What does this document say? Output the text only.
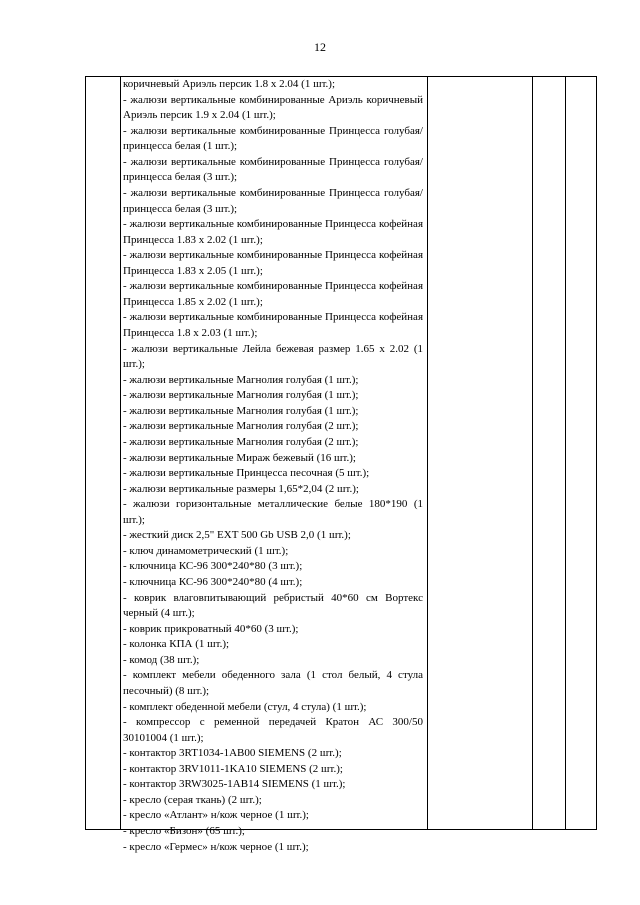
12
коричневый Ариэль персик 1.8 х 2.04 (1 шт.);
- жалюзи вертикальные комбинированные Ариэль коричневый Ариэль персик 1.9 х 2.04 (1 шт.);
- жалюзи вертикальные комбинированные Принцесса голубая/принцесса белая (1 шт.);
- жалюзи вертикальные комбинированные Принцесса голубая/принцесса белая (3 шт.);
- жалюзи вертикальные комбинированные Принцесса голубая/принцесса белая (3 шт.);
- жалюзи вертикальные комбинированные Принцесса кофейная Принцесса 1.83 х 2.02 (1 шт.);
- жалюзи вертикальные комбинированные Принцесса кофейная Принцесса 1.83 х 2.05 (1 шт.);
- жалюзи вертикальные комбинированные Принцесса кофейная Принцесса 1.85 х 2.02 (1 шт.);
- жалюзи вертикальные комбинированные Принцесса кофейная Принцесса 1.8 х 2.03 (1 шт.);
- жалюзи вертикальные Лейла бежевая размер 1.65 х 2.02 (1 шт.);
- жалюзи вертикальные Магнолия голубая (1 шт.);
- жалюзи вертикальные Магнолия голубая (1 шт.);
- жалюзи вертикальные Магнолия голубая (1 шт.);
- жалюзи вертикальные Магнолия голубая (2 шт.);
- жалюзи вертикальные Магнолия голубая (2 шт.);
- жалюзи вертикальные Мираж бежевый (16 шт.);
- жалюзи вертикальные Принцесса песочная (5 шт.);
- жалюзи вертикальные размеры 1,65*2,04 (2 шт.);
- жалюзи горизонтальные металлические белые 180*190 (1 шт.);
- жесткий диск 2,5" EXT 500 Gb USB 2,0 (1 шт.);
- ключ динамометрический (1 шт.);
- ключница КС-96 300*240*80 (3 шт.);
- ключница КС-96 300*240*80 (4 шт.);
- коврик влаговпитывающий ребристый 40*60 см Вортекс черный (4 шт.);
- коврик прикроватный 40*60 (3 шт.);
- колонка КПА (1 шт.);
- комод (38 шт.);
- комплект мебели обеденного зала (1 стол белый, 4 стула песочный) (8 шт.);
- комплект обеденной мебели (стул, 4 стула) (1 шт.);
- компрессор с ременной передачей Кратон АС 300/50 30101004 (1 шт.);
- контактор 3RT1034-1AB00 SIEMENS (2 шт.);
- контактор 3RV1011-1KA10 SIEMENS (2 шт.);
- контактор 3RW3025-1AB14 SIEMENS (1 шт.);
- кресло (серая ткань) (2 шт.);
- кресло «Атлант» н/кож черное (1 шт.);
- кресло «Бизон» (65 шт.);
- кресло «Гермес» н/кож черное (1 шт.);
